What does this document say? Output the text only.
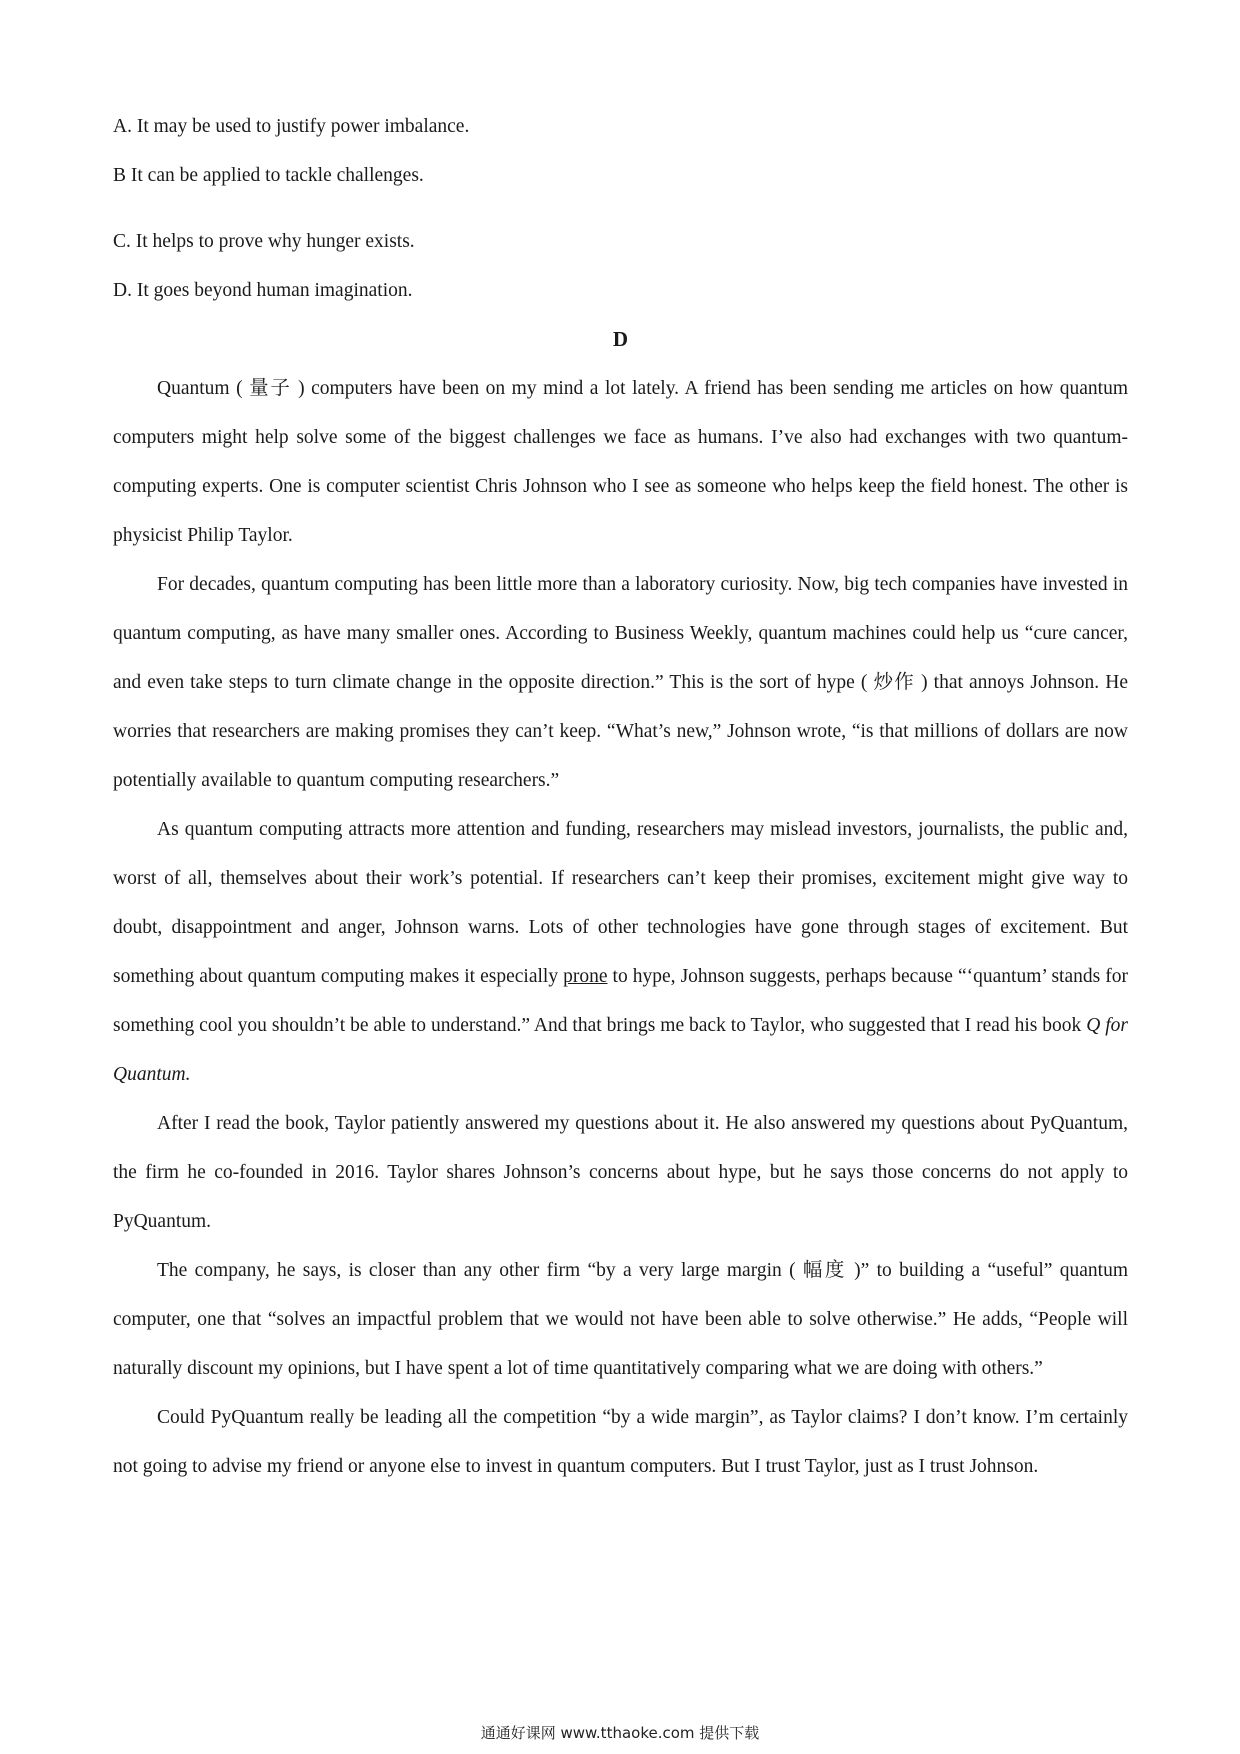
A. It may be used to justify power imbalance.

B It can be applied to tackle challenges.

C. It helps to prove why hunger exists.

D. It goes beyond human imagination.

D

Quantum ( 量子 ) computers have been on my mind a lot lately. A friend has been sending me articles on how quantum computers might help solve some of the biggest challenges we face as humans. I’ve also had exchanges with two quantum-computing experts. One is computer scientist Chris Johnson who I see as someone who helps keep the field honest. The other is physicist Philip Taylor.

For decades, quantum computing has been little more than a laboratory curiosity. Now, big tech companies have invested in quantum computing, as have many smaller ones. According to Business Weekly, quantum machines could help us “cure cancer, and even take steps to turn climate change in the opposite direction.” This is the sort of hype ( 炒作 ) that annoys Johnson. He worries that researchers are making promises they can’t keep. “What’s new,” Johnson wrote, “is that millions of dollars are now potentially available to quantum computing researchers.”

As quantum computing attracts more attention and funding, researchers may mislead investors, journalists, the public and, worst of all, themselves about their work’s potential. If researchers can’t keep their promises, excitement might give way to doubt, disappointment and anger, Johnson warns. Lots of other technologies have gone through stages of excitement. But something about quantum computing makes it especially prone to hype, Johnson suggests, perhaps because “‘quantum’ stands for something cool you shouldn’t be able to understand.” And that brings me back to Taylor, who suggested that I read his book Q for Quantum.

After I read the book, Taylor patiently answered my questions about it. He also answered my questions about PyQuantum, the firm he co-founded in 2016. Taylor shares Johnson’s concerns about hype, but he says those concerns do not apply to PyQuantum.

The company, he says, is closer than any other firm “by a very large margin ( 幅度 )” to building a “useful” quantum computer, one that “solves an impactful problem that we would not have been able to solve otherwise.” He adds, “People will naturally discount my opinions, but I have spent a lot of time quantitatively comparing what we are doing with others.”

Could PyQuantum really be leading all the competition “by a wide margin”, as Taylor claims? I don’t know. I’m certainly not going to advise my friend or anyone else to invest in quantum computers. But I trust Taylor, just as I trust Johnson.

通通好课网 www.tthaoke.com 提供下载
